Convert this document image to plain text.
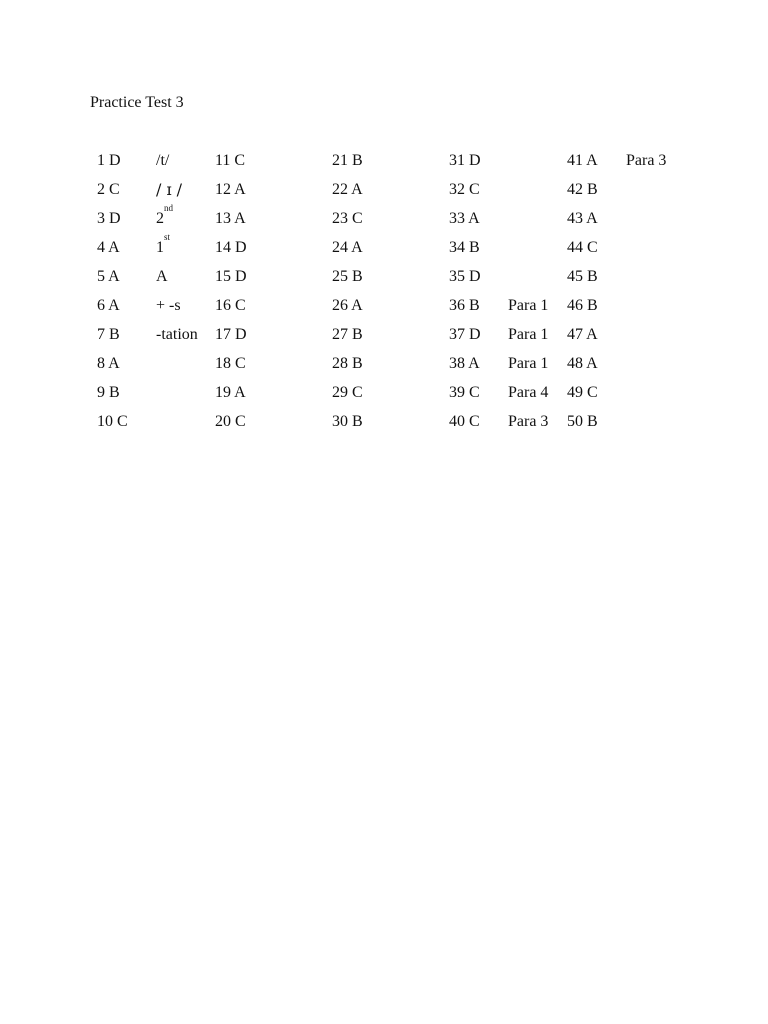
Practice Test 3
1 D	/t/	11 C	21 B	31 D		41 A	Para 3
2 C	/ ɪ /	12 A	22 A	32 C		42 B	
3 D	2nd	13 A	23 C	33 A		43 A	
4 A	1st	14 D	24 A	34 B		44 C	
5 A	A	15 D	25 B	35 D		45 B	
6 A	+ -s	16 C	26 A	36 B	Para 1	46 B	
7 B	-tation	17 D	27 B	37 D	Para 1	47 A	
8 A		18 C	28 B	38 A	Para 1	48 A	
9 B		19 A	29 C	39 C	Para 4	49 C	
10 C		20 C	30 B	40 C	Para 3	50 B	
